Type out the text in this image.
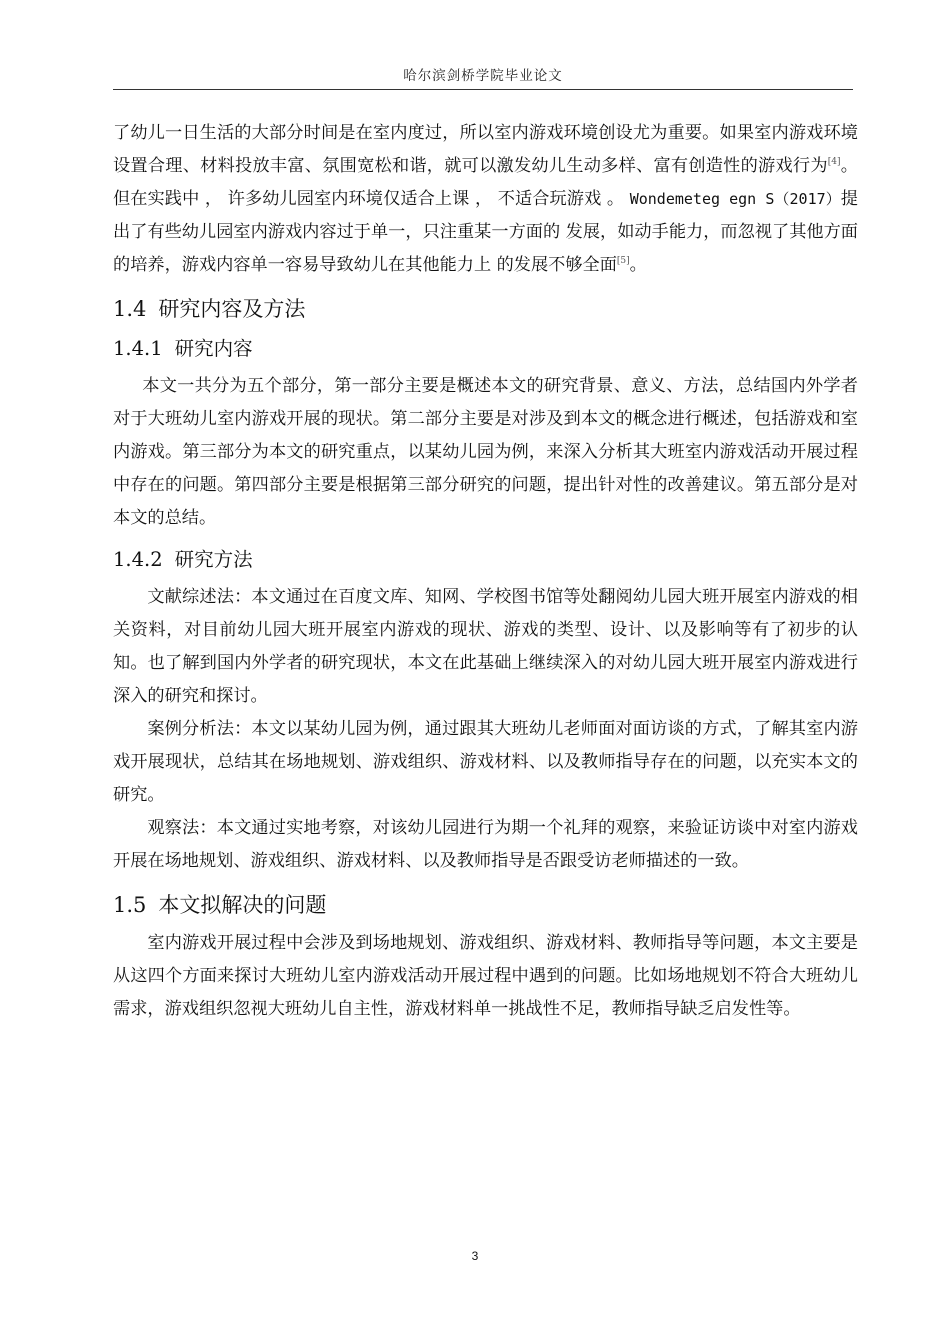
哈尔滨剑桥学院毕业论文

了幼儿一日生活的大部分时间是在室内度过，所以室内游戏环境创设尤为重要。如果室内游戏环境设置合理、材料投放丰富、氛围宽松和谐，就可以激发幼儿生动多样、富有创造性的游戏行为[4]。但在实践中 ， 许多幼儿园室内环境仅适合上课 ， 不适合玩游戏 。 Wondemeteg egn S（2017）提出了有些幼儿园室内游戏内容过于单一，只注重某一方面的 发展，如动手能力，而忽视了其他方面的培养，游戏内容单一容易导致幼儿在其他能力上 的发展不够全面[5]。

1.4 研究内容及方法
1.4.1 研究内容

本文一共分为五个部分，第一部分主要是概述本文的研究背景、意义、方法，总结国内外学者对于大班幼儿室内游戏开展的现状。第二部分主要是对涉及到本文的概念进行概述，包括游戏和室内游戏。第三部分为本文的研究重点，以某幼儿园为例，来深入分析其大班室内游戏活动开展过程中存在的问题。第四部分主要是根据第三部分研究的问题，提出针对性的改善建议。第五部分是对本文的总结。

1.4.2 研究方法

文献综述法：本文通过在百度文库、知网、学校图书馆等处翻阅幼儿园大班开展室内游戏的相关资料，对目前幼儿园大班开展室内游戏的现状、游戏的类型、设计、以及影响等有了初步的认知。也了解到国内外学者的研究现状，本文在此基础上继续深入的对幼儿园大班开展室内游戏进行深入的研究和探讨。

案例分析法：本文以某幼儿园为例，通过跟其大班幼儿老师面对面访谈的方式，了解其室内游戏开展现状，总结其在场地规划、游戏组织、游戏材料、以及教师指导存在的问题，以充实本文的研究。

观察法：本文通过实地考察，对该幼儿园进行为期一个礼拜的观察，来验证访谈中对室内游戏开展在场地规划、游戏组织、游戏材料、以及教师指导是否跟受访老师描述的一致。

1.5 本文拟解决的问题

室内游戏开展过程中会涉及到场地规划、游戏组织、游戏材料、教师指导等问题，本文主要是从这四个方面来探讨大班幼儿室内游戏活动开展过程中遇到的问题。比如场地规划不符合大班幼儿需求，游戏组织忽视大班幼儿自主性，游戏材料单一挑战性不足，教师指导缺乏启发性等。

3
